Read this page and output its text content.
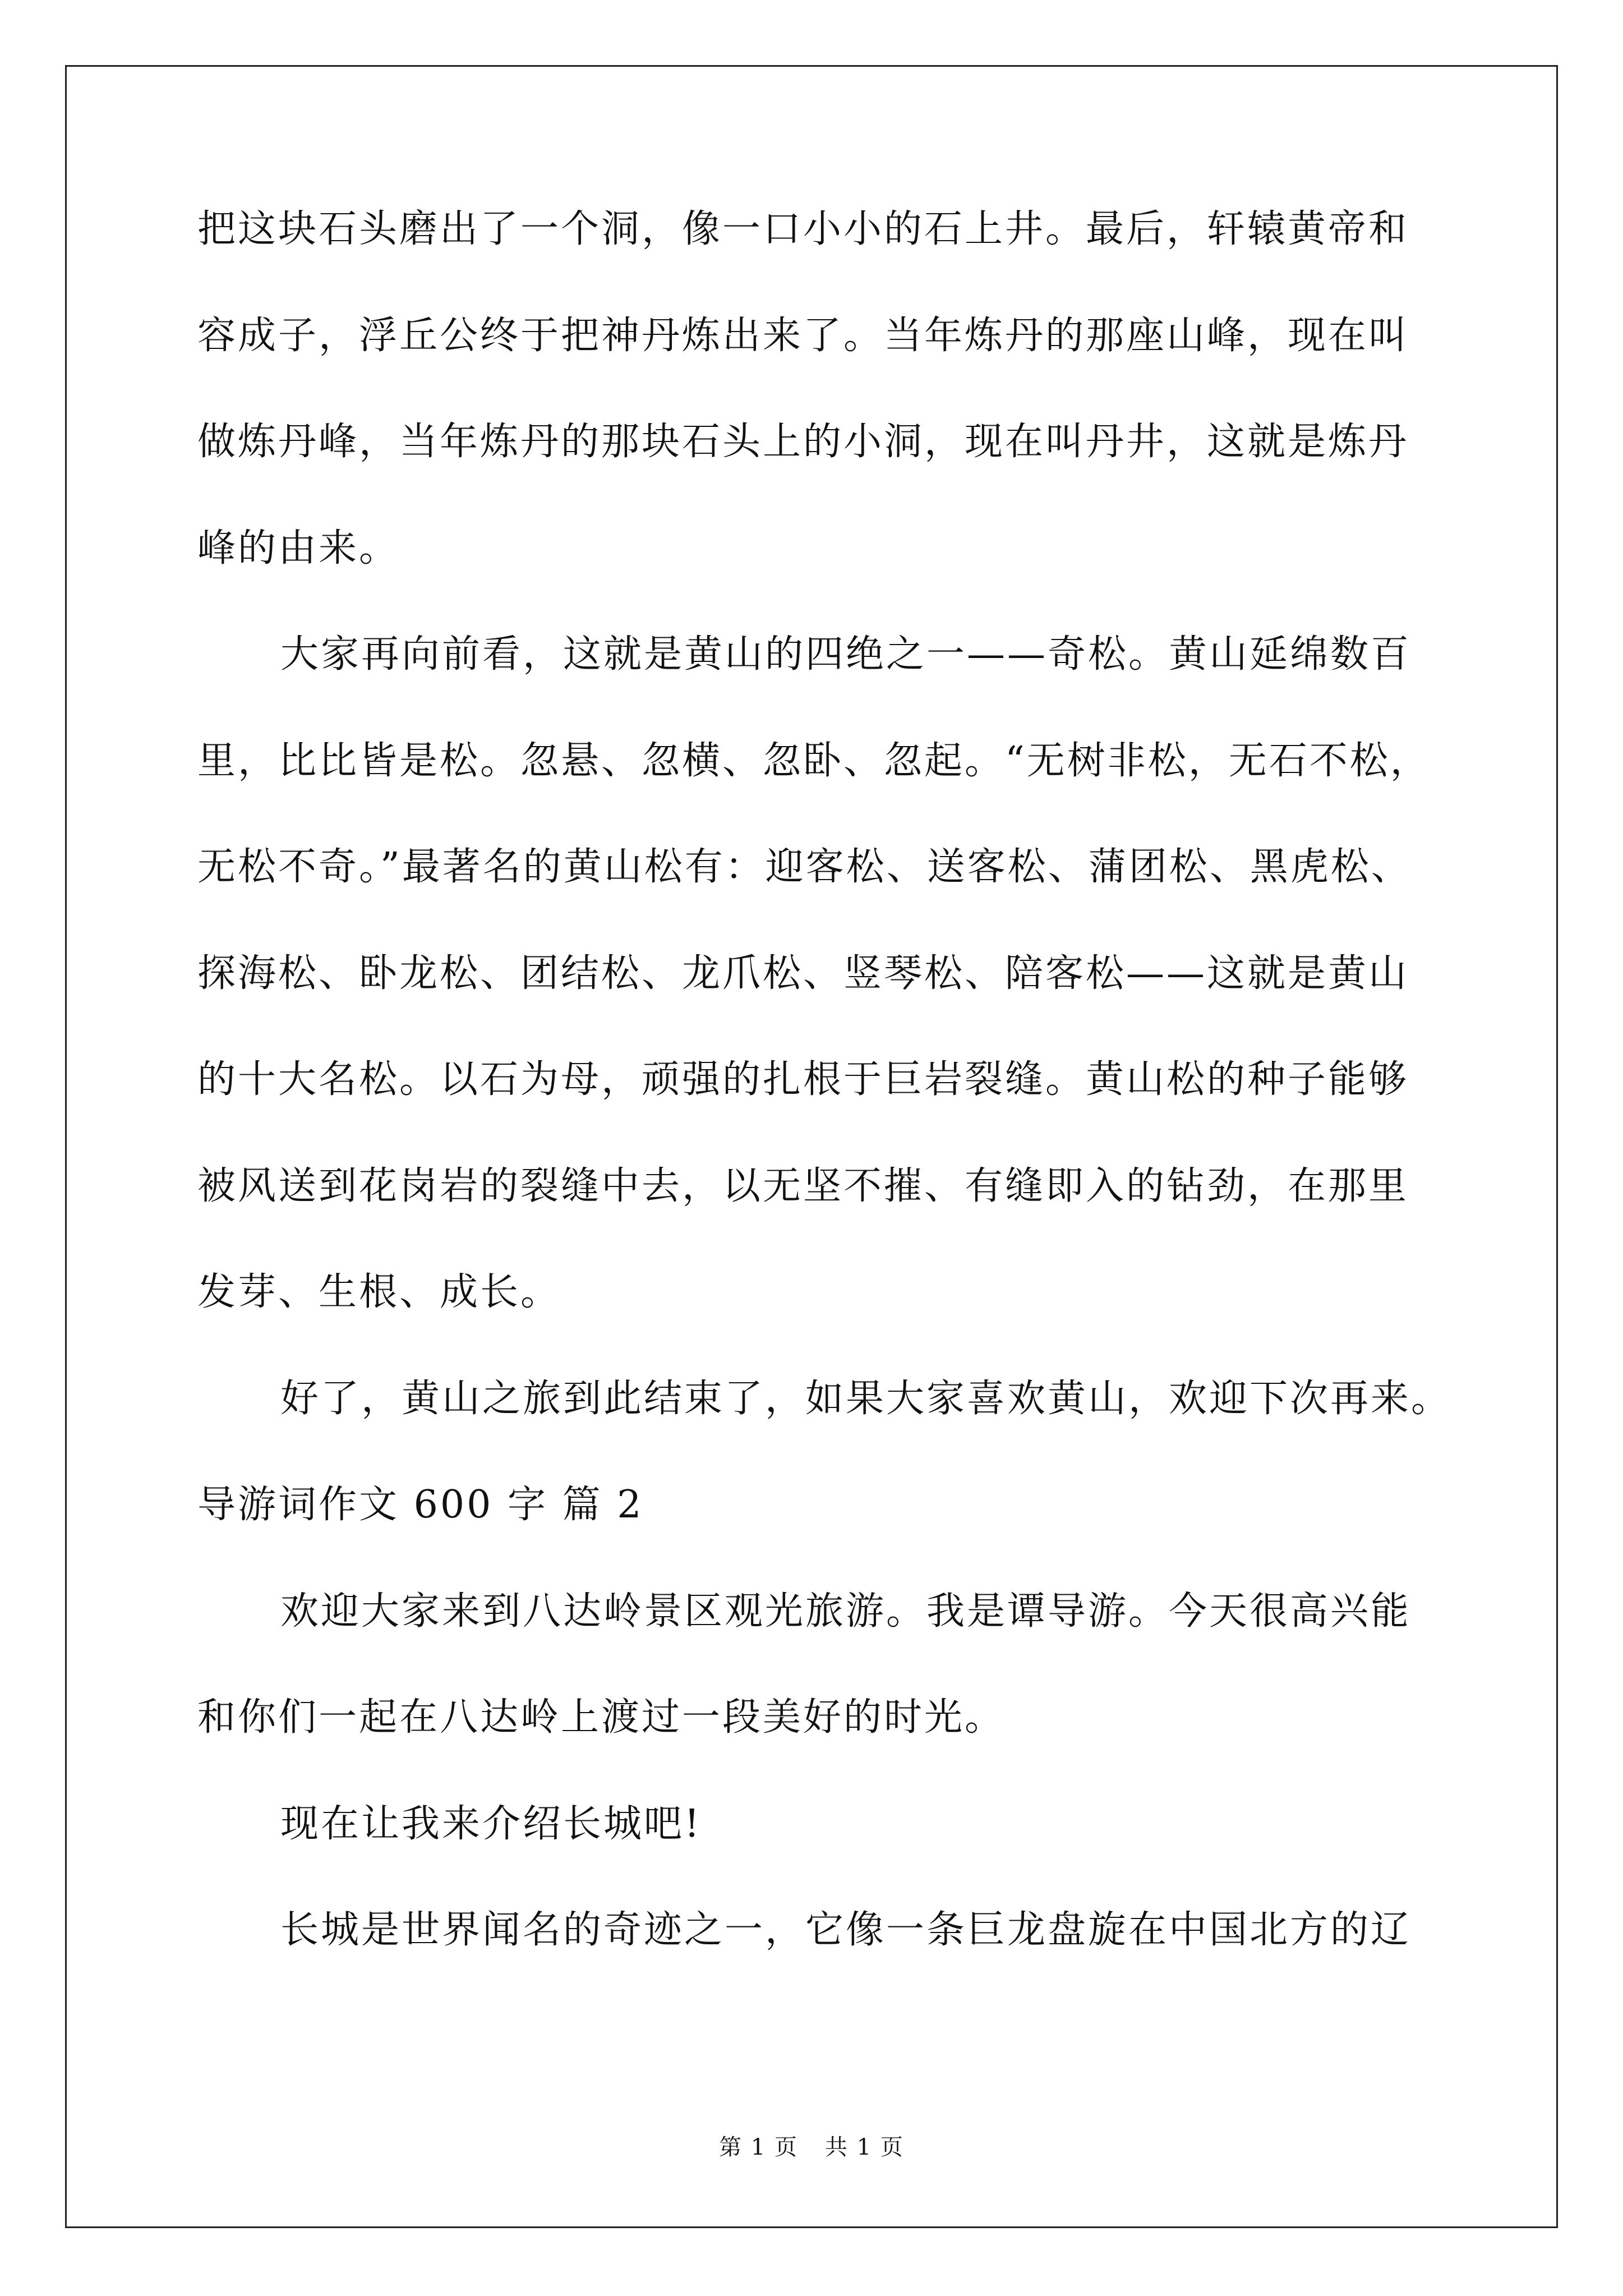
把这块石头磨出了一个洞，像一口小小的石上井。最后，轩辕黄帝和
容成子，浮丘公终于把神丹炼出来了。当年炼丹的那座山峰，现在叫
做炼丹峰，当年炼丹的那块石头上的小洞，现在叫丹井，这就是炼丹
峰的由来。
大家再向前看，这就是黄山的四绝之一——奇松。黄山延绵数百
里，比比皆是松。忽悬、忽横、忽卧、忽起。“无树非松，无石不松，
无松不奇。”最著名的黄山松有：迎客松、送客松、蒲团松、黑虎松、
探海松、卧龙松、团结松、龙爪松、竖琴松、陪客松——这就是黄山
的十大名松。以石为母，顽强的扎根于巨岩裂缝。黄山松的种子能够
被风送到花岗岩的裂缝中去，以无坚不摧、有缝即入的钻劲，在那里
发芽、生根、成长。
好了，黄山之旅到此结束了，如果大家喜欢黄山，欢迎下次再来。
导游词作文 600 字 篇 2
欢迎大家来到八达岭景区观光旅游。我是谭导游。今天很高兴能
和你们一起在八达岭上渡过一段美好的时光。
现在让我来介绍长城吧!
长城是世界闻名的奇迹之一，它像一条巨龙盘旋在中国北方的辽
第 1 页 共 1 页
